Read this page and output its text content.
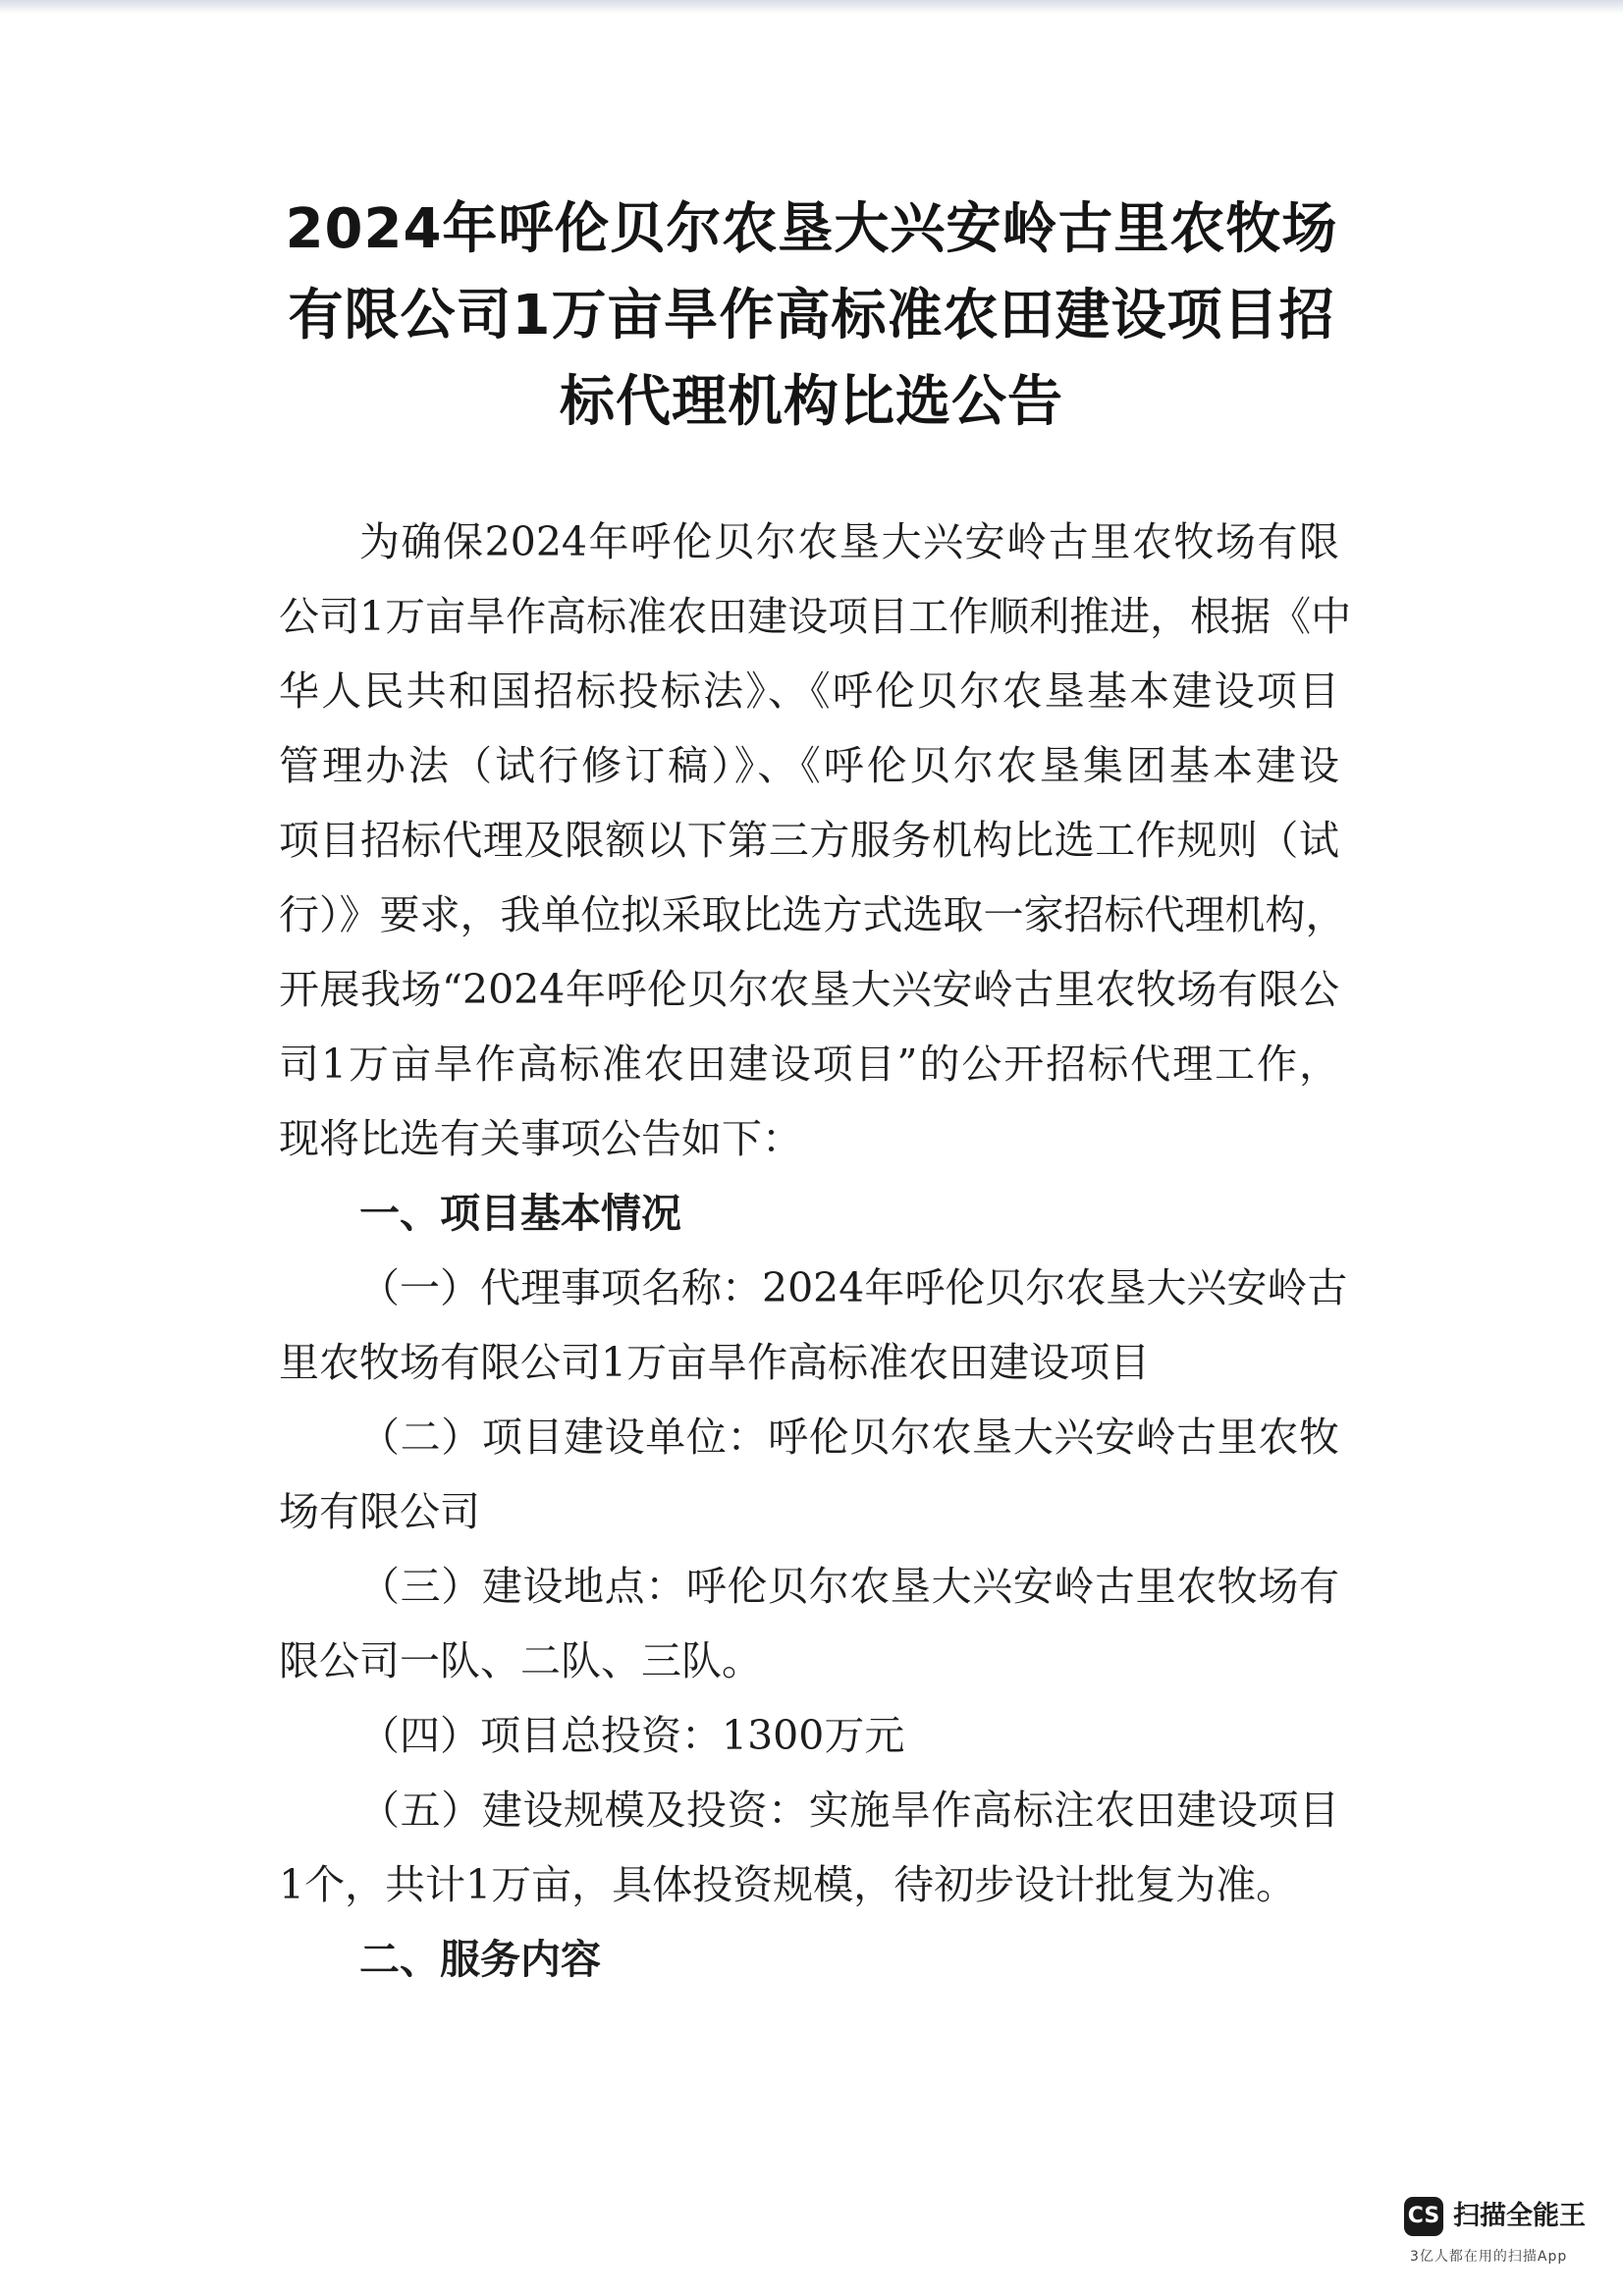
2024年呼伦贝尔农垦大兴安岭古里农牧场
有限公司1万亩旱作高标准农田建设项目招
标代理机构比选公告
为确保2024年呼伦贝尔农垦大兴安岭古里农牧场有限
公司1万亩旱作高标准农田建设项目工作顺利推进，根据《中
华人民共和国招标投标法》、《呼伦贝尔农垦基本建设项目
管理办法（试行修订稿）》、《呼伦贝尔农垦集团基本建设
项目招标代理及限额以下第三方服务机构比选工作规则（试
行）》要求，我单位拟采取比选方式选取一家招标代理机构，
开展我场“2024年呼伦贝尔农垦大兴安岭古里农牧场有限公
司1万亩旱作高标准农田建设项目”的公开招标代理工作，
现将比选有关事项公告如下：
一、项目基本情况
（一）代理事项名称：2024年呼伦贝尔农垦大兴安岭古
里农牧场有限公司1万亩旱作高标准农田建设项目
（二）项目建设单位：呼伦贝尔农垦大兴安岭古里农牧
场有限公司
（三）建设地点：呼伦贝尔农垦大兴安岭古里农牧场有
限公司一队、二队、三队。
（四）项目总投资：1300万元
（五）建设规模及投资：实施旱作高标注农田建设项目
1个，共计1万亩，具体投资规模，待初步设计批复为准。
二、服务内容
CS 扫描全能王
3亿人都在用的扫描App
